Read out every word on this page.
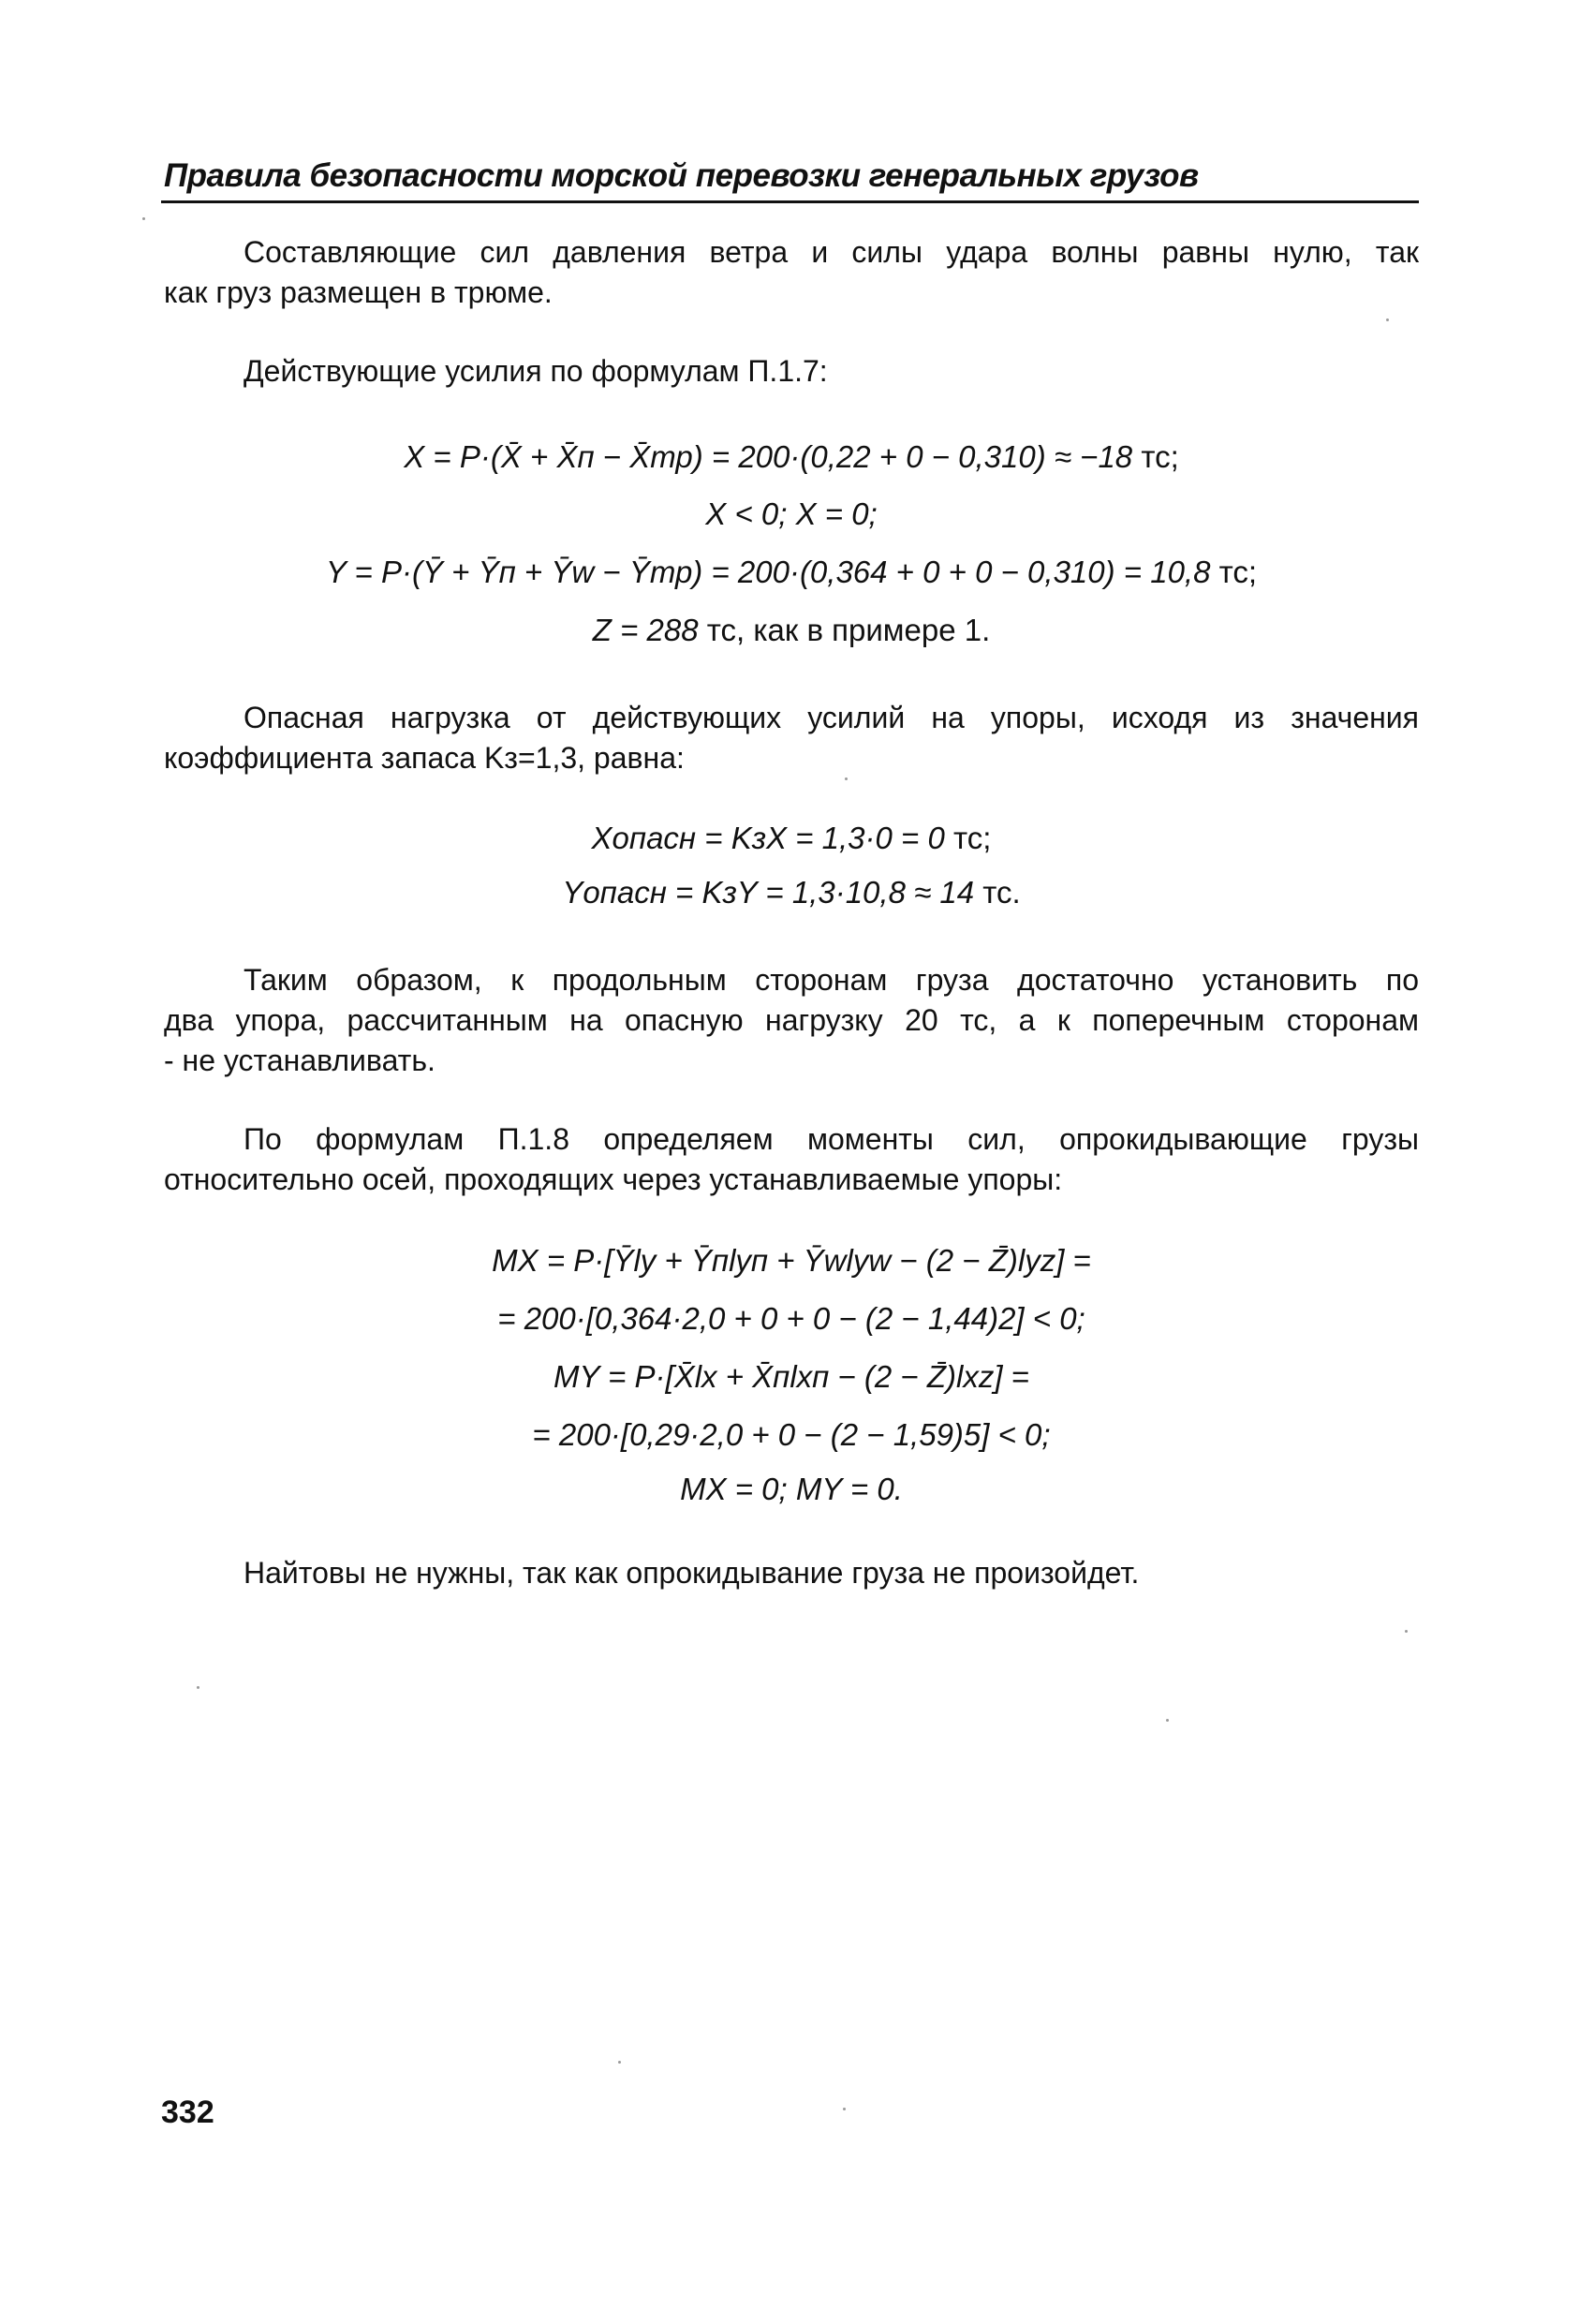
Правила безопасности морской перевозки генеральных грузов
Составляющие сил давления ветра и силы удара волны равны нулю, так
как груз размещен в трюме.
Действующие усилия по формулам П.1.7:
X = P·(X̄ + X̄п − X̄тр) = 200·(0,22 + 0 − 0,310) ≈ −18 тс;
X < 0; X = 0;
Y = P·(Ȳ + Ȳп + Ȳw − Ȳтр) = 200·(0,364 + 0 + 0 − 0,310) = 10,8 тс;
Z = 288 тс, как в примере 1.
Опасная нагрузка от действующих усилий на упоры, исходя из значения
коэффициента запаса Kз=1,3, равна:
Xопасн = KзX = 1,3·0 = 0 тс;
Yопасн = KзY = 1,3·10,8 ≈ 14 тс.
Таким образом, к продольным сторонам груза достаточно установить по
два упора, рассчитанным на опасную нагрузку 20 тс, а к поперечным сторонам
- не устанавливать.
По формулам П.1.8 определяем моменты сил, опрокидывающие грузы
относительно осей, проходящих через устанавливаемые упоры:
MX = P·[Ȳly + Ȳпlyп + Ȳwlyw − (2 − Z̄)lyz] =
= 200·[0,364·2,0 + 0 + 0 − (2 − 1,44)2] < 0;
MY = P·[X̄lx + X̄пlxп − (2 − Z̄)lxz] =
= 200·[0,29·2,0 + 0 − (2 − 1,59)5] < 0;
MX = 0; MY = 0.
Найтовы не нужны, так как опрокидывание груза не произойдет.
332
